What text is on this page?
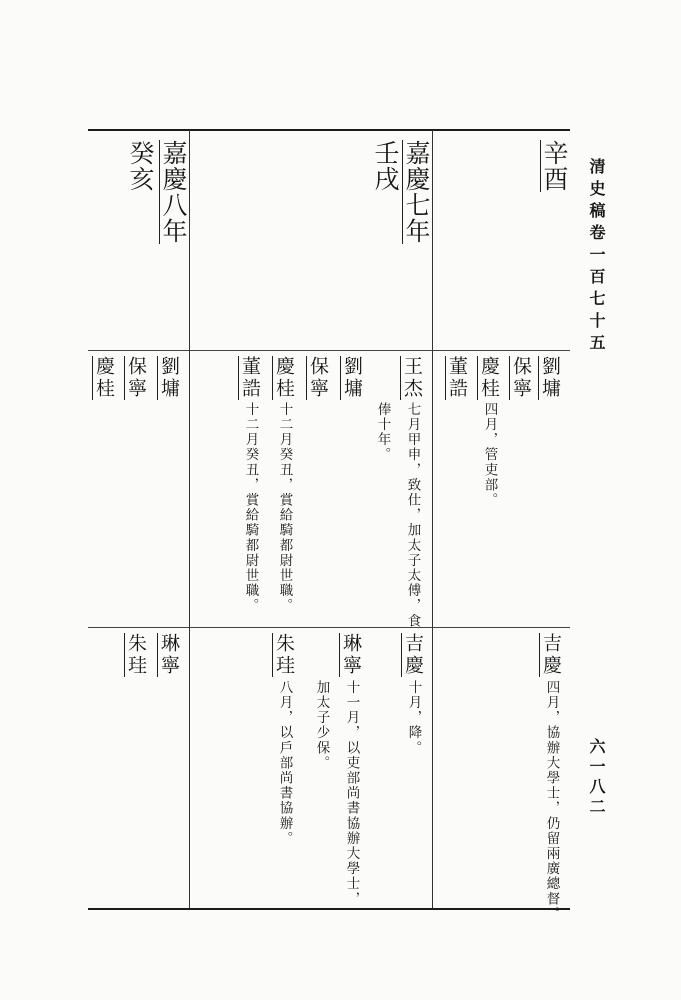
清史稿卷一百七十五
六一八二
辛酉
嘉慶七年
壬戌
嘉慶八年
癸亥
劉墉
保寧
慶桂
四月，管吏部。
董誥
王杰
七月甲申，致仕，加太子太傅，食
俸十年。
劉墉
保寧
慶桂
十二月癸丑，賞給騎都尉世職。
董誥
十二月癸丑，賞給騎都尉世職。
劉墉
保寧
慶桂
吉慶
四月，協辦大學士，仍留兩廣總督。
吉慶
十月，降。
琳寧
十一月，以吏部尚書協辦大學士，
加太子少保。
朱珪
八月，以戶部尚書協辦。
琳寧
朱珪
